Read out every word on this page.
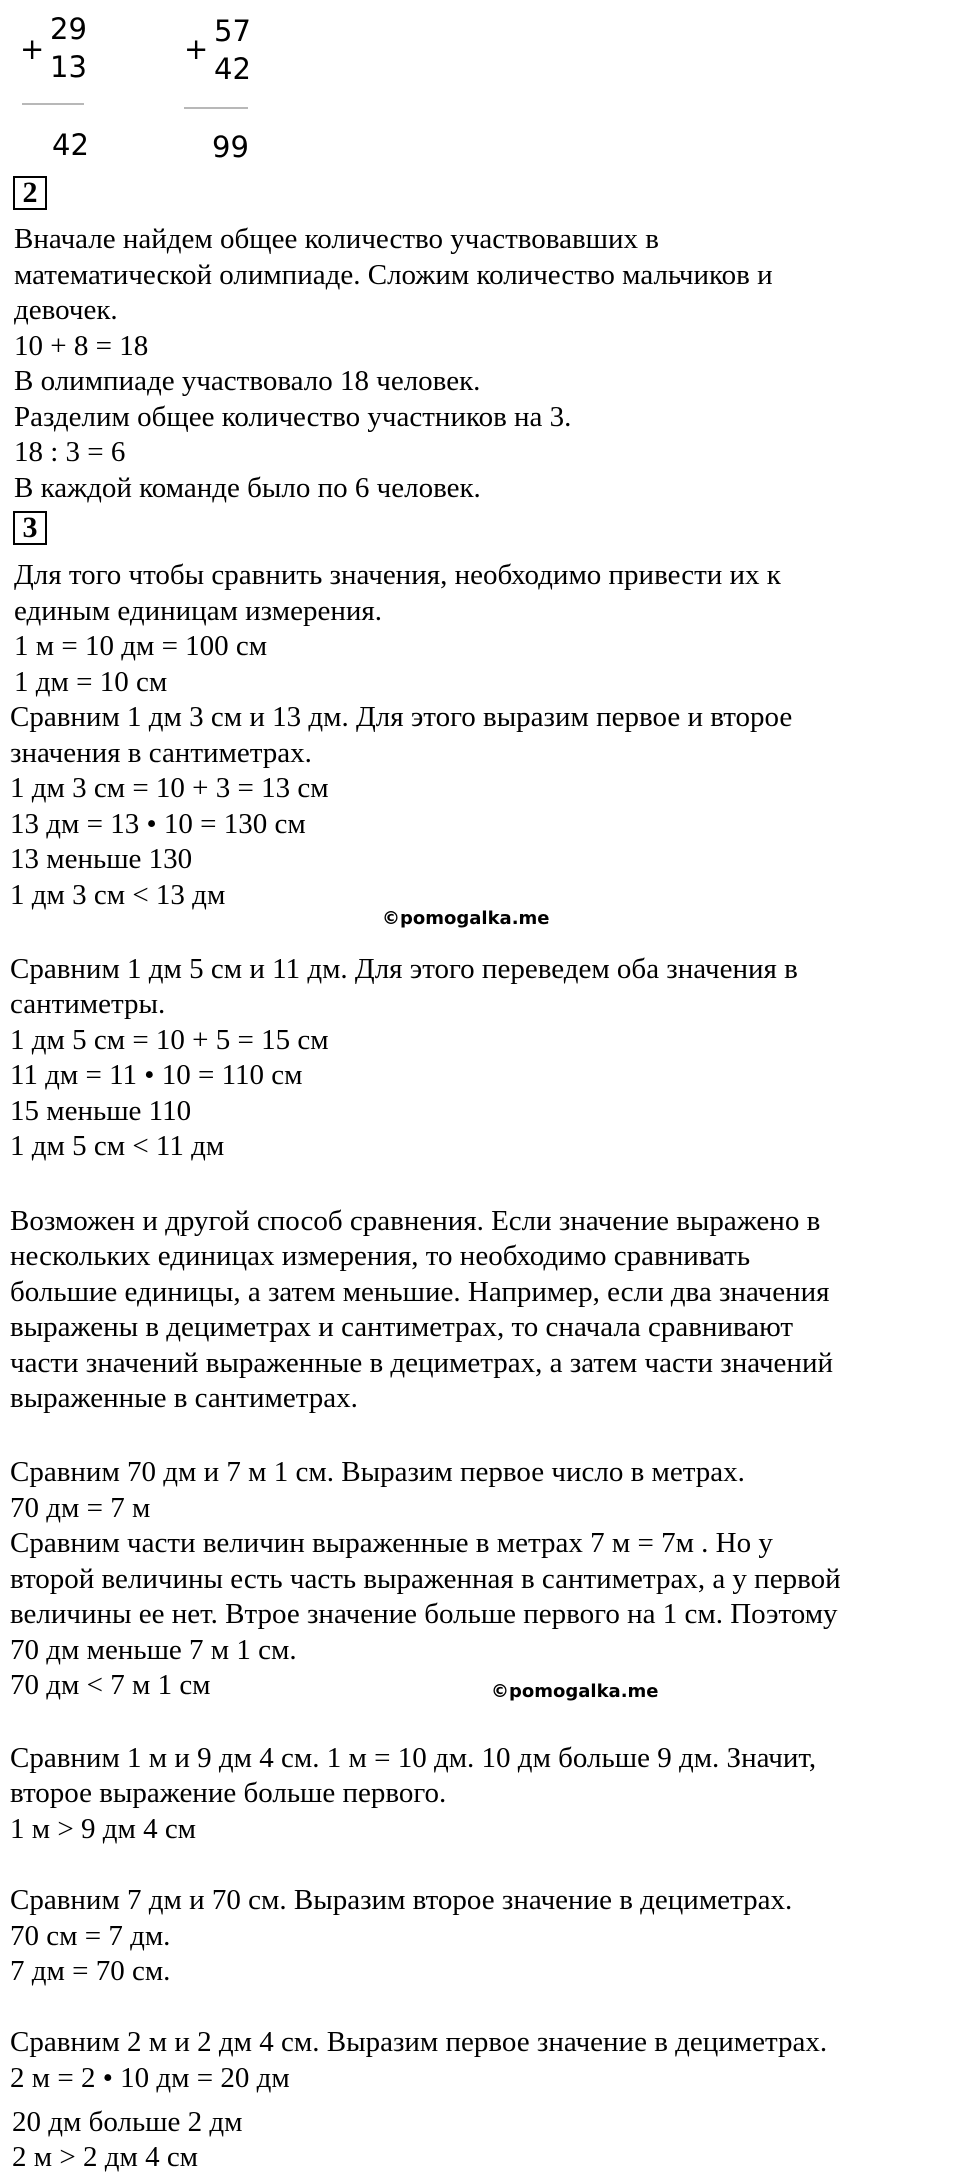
+
29
13
42
+
57
42
99
2
Вначале найдем общее количество участвовавших в
математической олимпиаде. Сложим количество мальчиков и
девочек.
10 + 8 = 18
В олимпиаде участвовало 18 человек.
Разделим общее количество участников на 3.
18 : 3 = 6
В каждой команде было по 6 человек.
3
Для того чтобы сравнить значения, необходимо привести их к
единым единицам измерения.
1 м = 10 дм = 100 см
1 дм = 10 см
Сравним 1 дм 3 см и 13 дм. Для этого выразим первое и второе
значения в сантиметрах.
1 дм 3 см = 10 + 3 = 13 см
13 дм = 13 • 10 = 130 см
13 меньше 130
1 дм 3 см < 13 дм
©pomogalka.me
Сравним 1 дм 5 см и 11 дм. Для этого переведем оба значения в
сантиметры.
1 дм 5 см = 10 + 5 = 15 см
11 дм = 11 • 10 = 110 см
15 меньше 110
1 дм 5 см < 11 дм
Возможен и другой способ сравнения. Если значение выражено в
нескольких единицах измерения, то необходимо сравнивать
большие единицы, а затем меньшие. Например, если два значения
выражены в дециметрах и сантиметрах, то сначала сравнивают
части значений выраженные в дециметрах, а затем части значений
выраженные в сантиметрах.
Сравним 70 дм и 7 м 1 см. Выразим первое число в метрах.
70 дм = 7 м
Сравним части величин выраженные в метрах 7 м = 7м . Но у
второй величины есть часть выраженная в сантиметрах, а у первой
величины ее нет. Втрое значение больше первого на 1 см. Поэтому
70 дм меньше 7 м 1 см.
70 дм < 7 м 1 см	©pomogalka.me
Сравним 1 м и 9 дм 4 см. 1 м = 10 дм. 10 дм больше 9 дм. Значит,
второе выражение больше первого.
1 м > 9 дм 4 см
Сравним 7 дм и 70 см. Выразим второе значение в дециметрах.
70 см = 7 дм.
7 дм = 70 см.
Сравним 2 м и 2 дм 4 см. Выразим первое значение в дециметрах.
2 м = 2 • 10 дм = 20 дм
20 дм больше 2 дм
2 м > 2 дм 4 см
